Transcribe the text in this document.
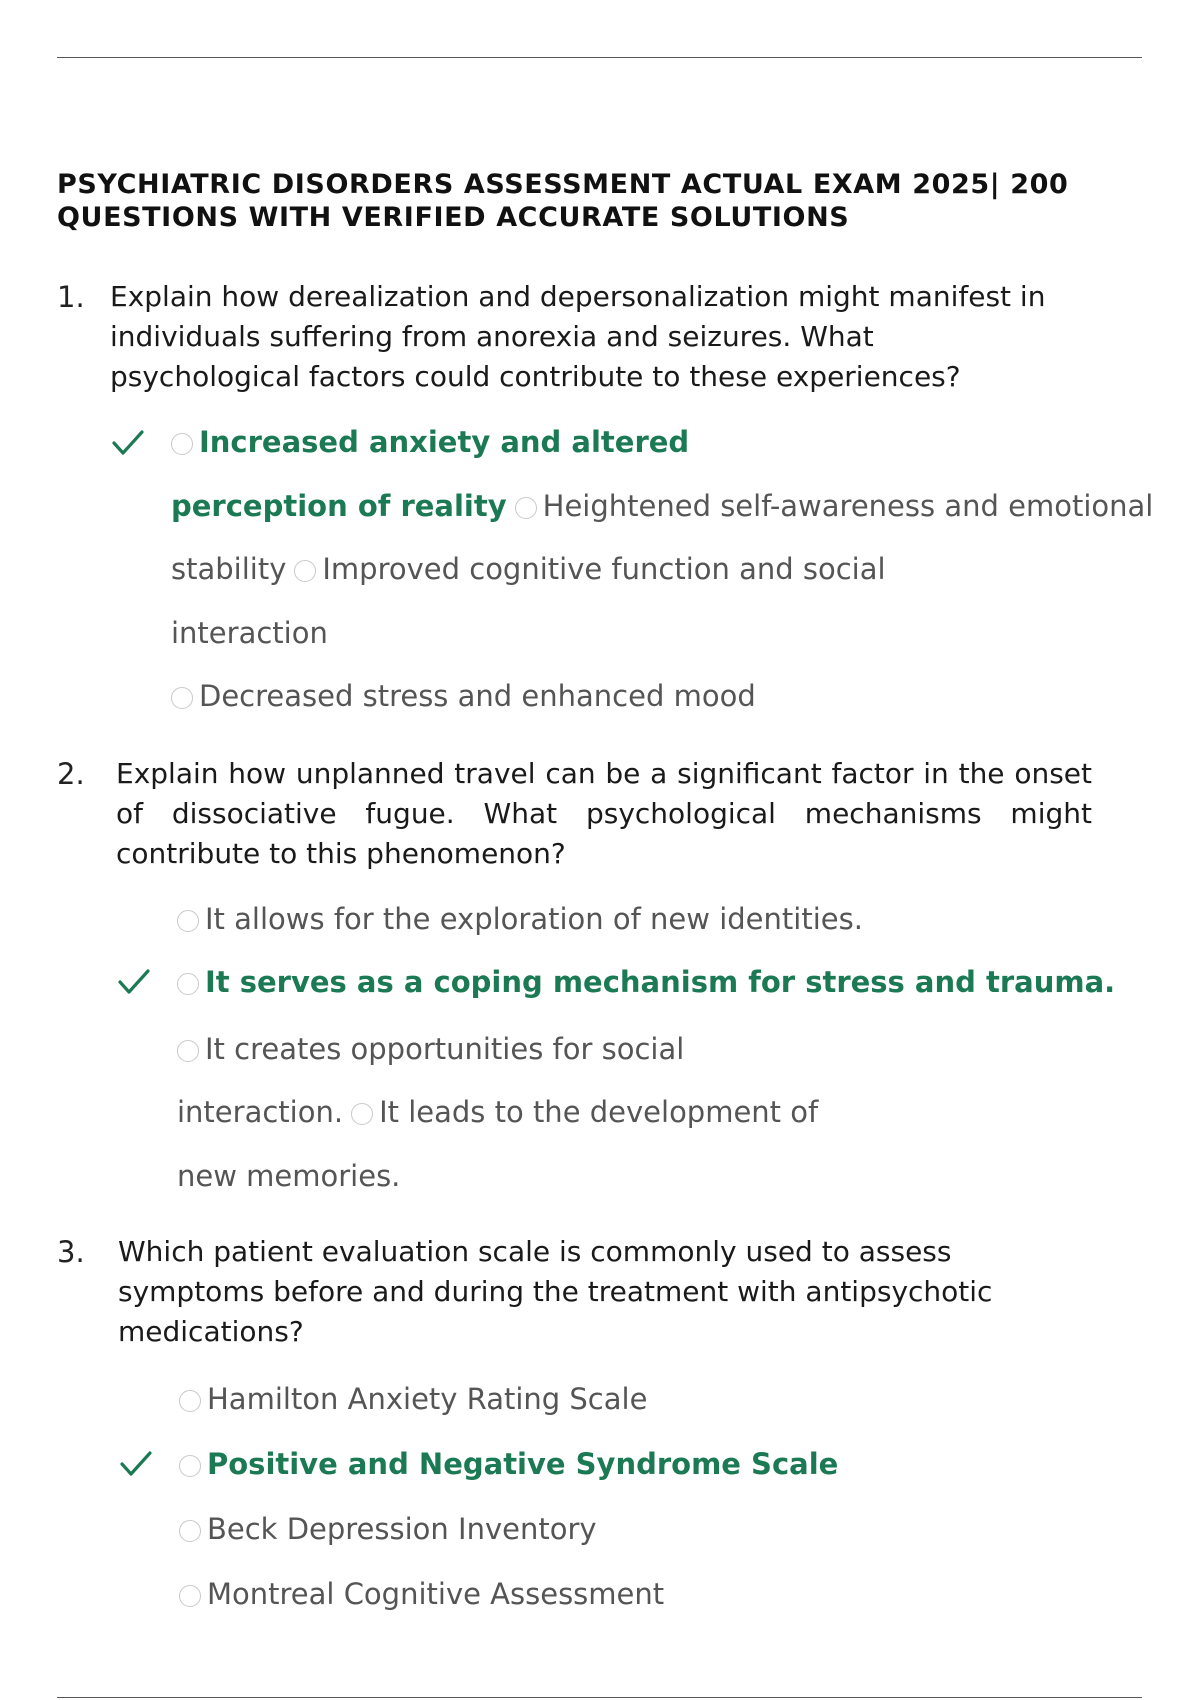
PSYCHIATRIC DISORDERS ASSESSMENT ACTUAL EXAM 2025| 200 QUESTIONS WITH VERIFIED ACCURATE SOLUTIONS
1. Explain how derealization and depersonalization might manifest in individuals suffering from anorexia and seizures. What psychological factors could contribute to these experiences?

Increased anxiety and altered
perception of reality Heightened self-awareness and emotional
stability Improved cognitive function and social
interaction
Decreased stress and enhanced mood
2. Explain how unplanned travel can be a significant factor in the onset of dissociative fugue. What psychological mechanisms might contribute to this phenomenon?

It allows for the exploration of new identities.
It serves as a coping mechanism for stress and trauma.
It creates opportunities for social
interaction. It leads to the development of
new memories.
3. Which patient evaluation scale is commonly used to assess symptoms before and during the treatment with antipsychotic medications?

Hamilton Anxiety Rating Scale
Positive and Negative Syndrome Scale
Beck Depression Inventory
Montreal Cognitive Assessment
